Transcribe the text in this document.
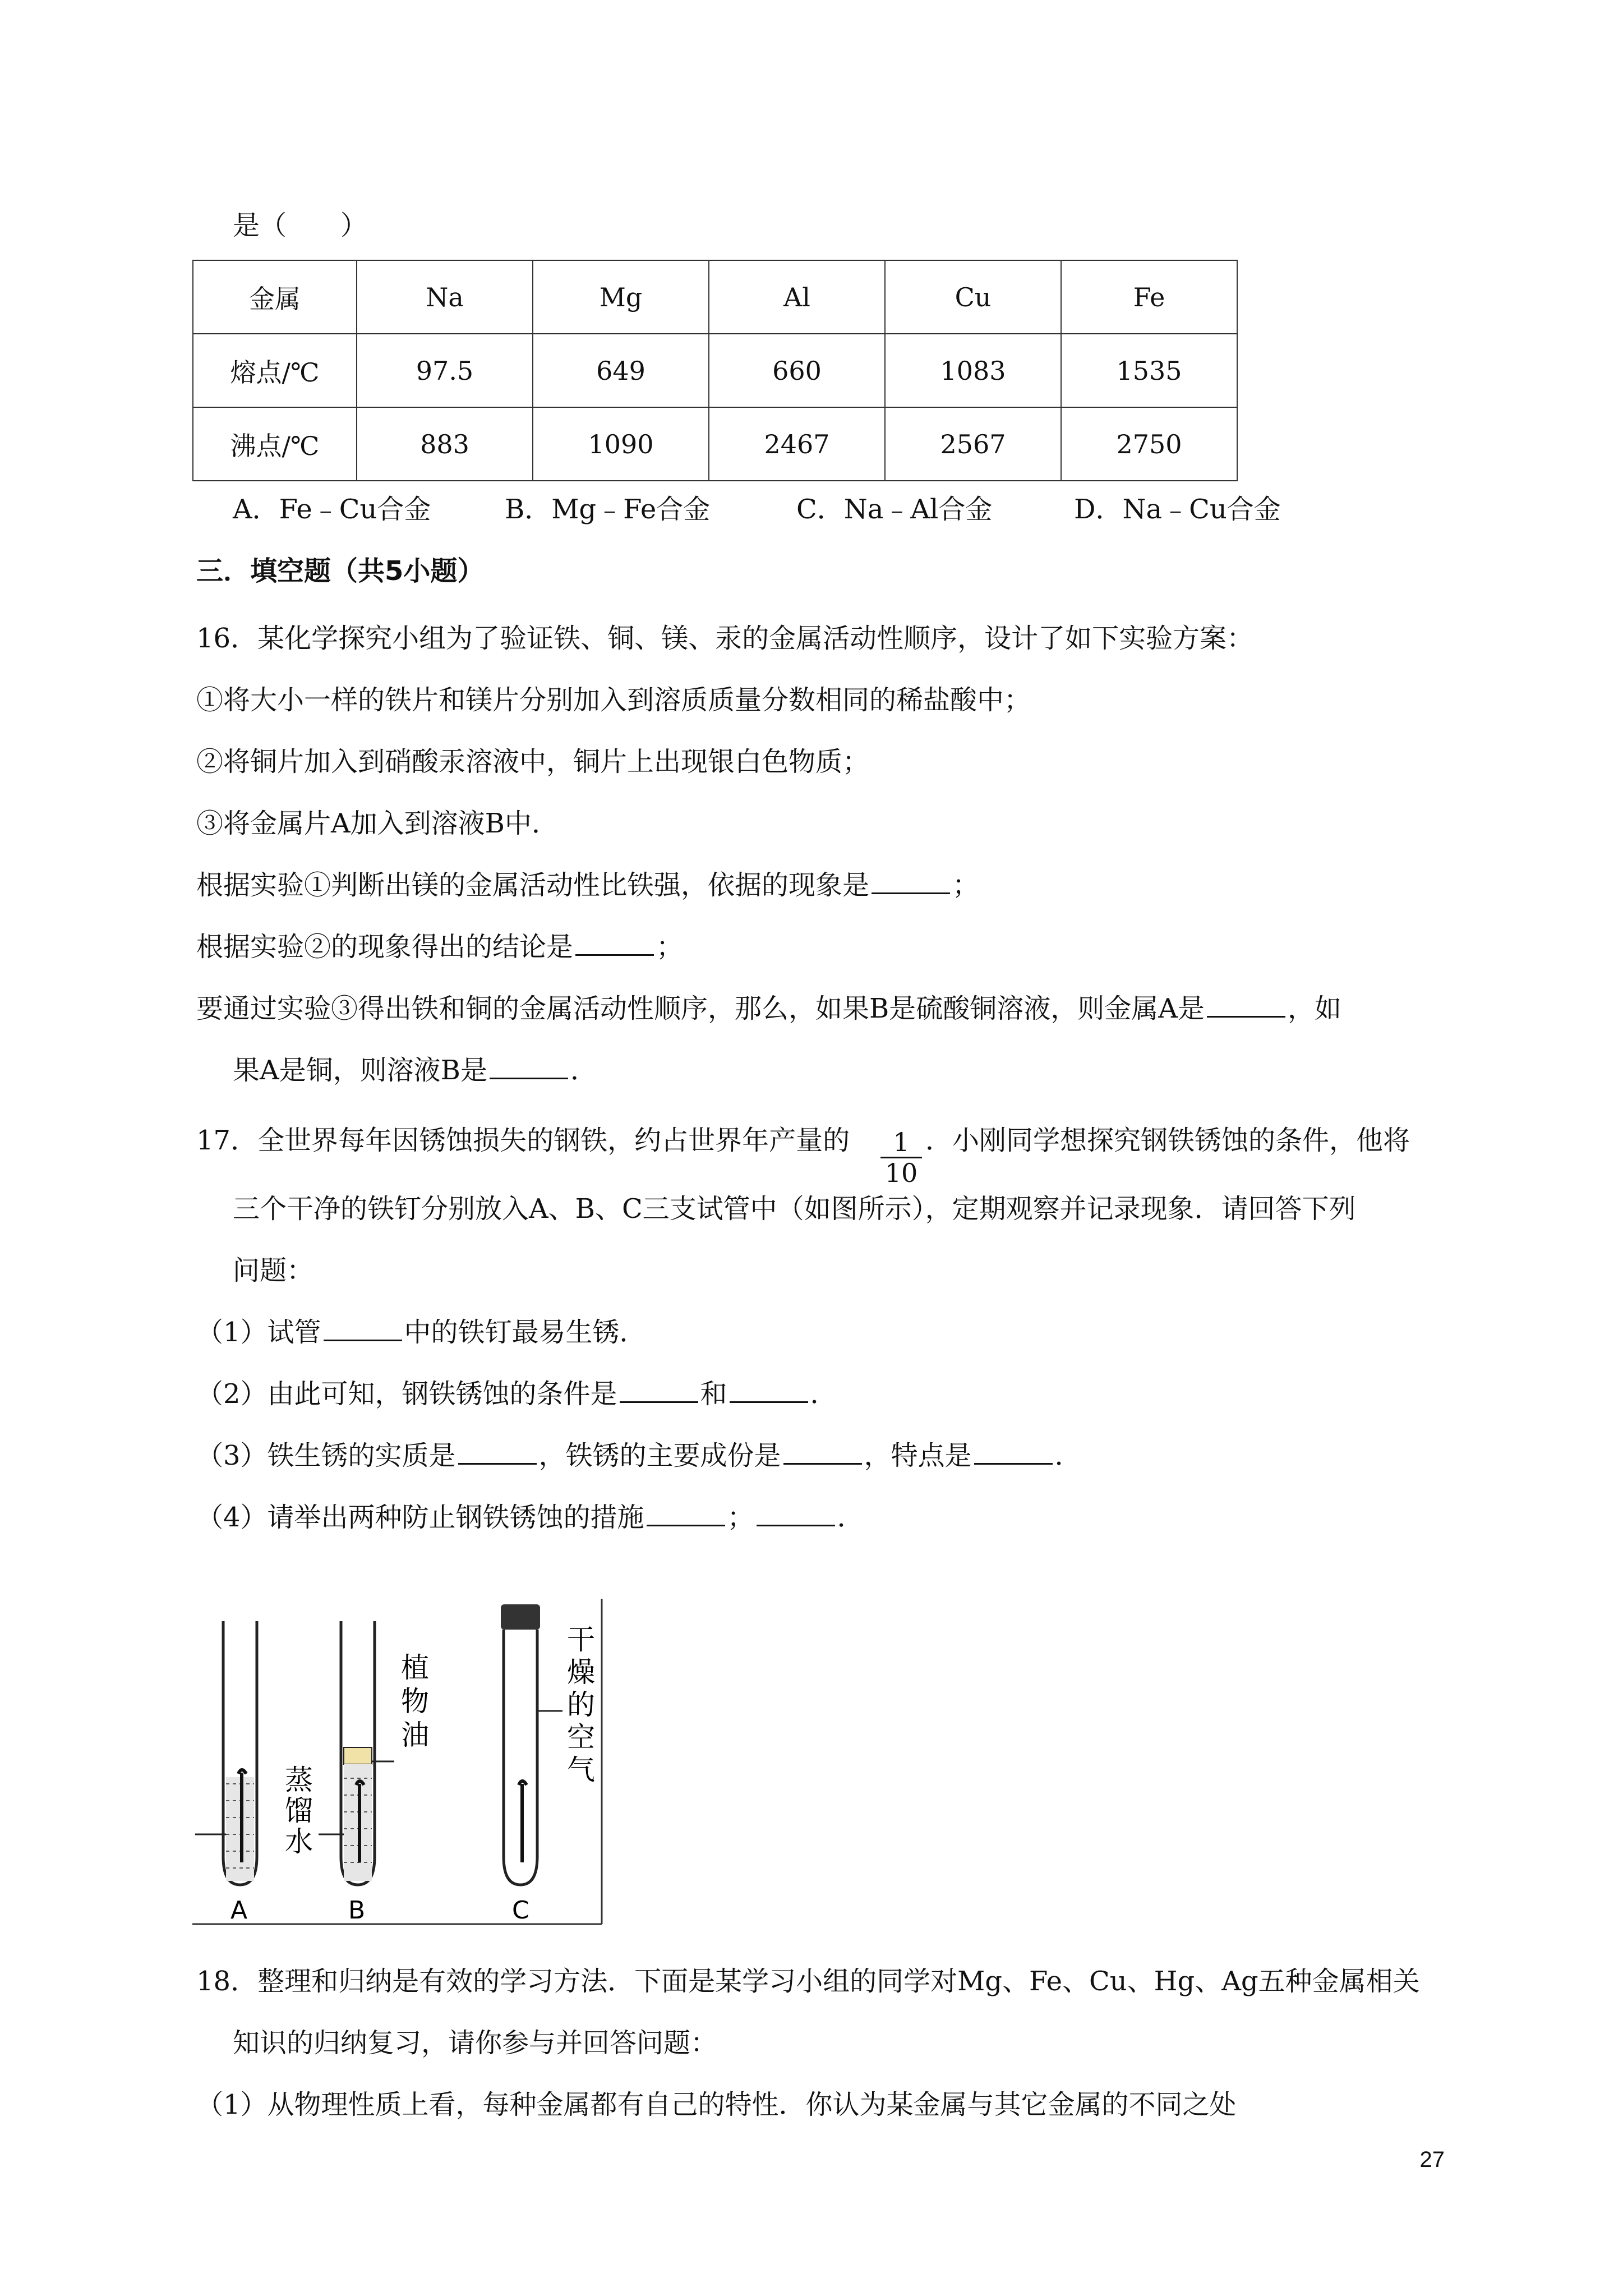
是（　　）
金属	Na	Mg	Al	Cu	Fe
熔点/℃	97.5	649	660	1083	1535
沸点/℃	883	1090	2467	2567	2750
A．Fe﹣Cu合金	B．Mg﹣Fe合金	C．Na﹣Al合金	D．Na﹣Cu合金
三．填空题（共5小题）
16．某化学探究小组为了验证铁、铜、镁、汞的金属活动性顺序，设计了如下实验方案：
①将大小一样的铁片和镁片分别加入到溶质质量分数相同的稀盐酸中；
②将铜片加入到硝酸汞溶液中，铜片上出现银白色物质；
③将金属片A加入到溶液B中．
根据实验①判断出镁的金属活动性比铁强，依据的现象是	；
根据实验②的现象得出的结论是	；
要通过实验③得出铁和铜的金属活动性顺序，那么，如果B是硫酸铜溶液，则金属A是	，如
果A是铜，则溶液B是	．
17．全世界每年因锈蚀损失的钢铁，约占世界年产量的 $\frac{1}{10}$ ．小刚同学想探究钢铁锈蚀的条件，他将
三个干净的铁钉分别放入A、B、C三支试管中（如图所示），定期观察并记录现象．请回答下列
问题：
（1）试管	中的铁钉最易生锈．
（2）由此可知，钢铁锈蚀的条件是	和	．
（3）铁生锈的实质是	，铁锈的主要成份是	，特点是	．
（4）请举出两种防止钢铁锈蚀的措施	；	．
蒸
馏
水
植
物
油
干
燥
的
空
气
A	B	C
18．整理和归纳是有效的学习方法．下面是某学习小组的同学对Mg、Fe、Cu、Hg、Ag五种金属相关
知识的归纳复习，请你参与并回答问题：
（1）从物理性质上看，每种金属都有自己的特性．你认为某金属与其它金属的不同之处
27
